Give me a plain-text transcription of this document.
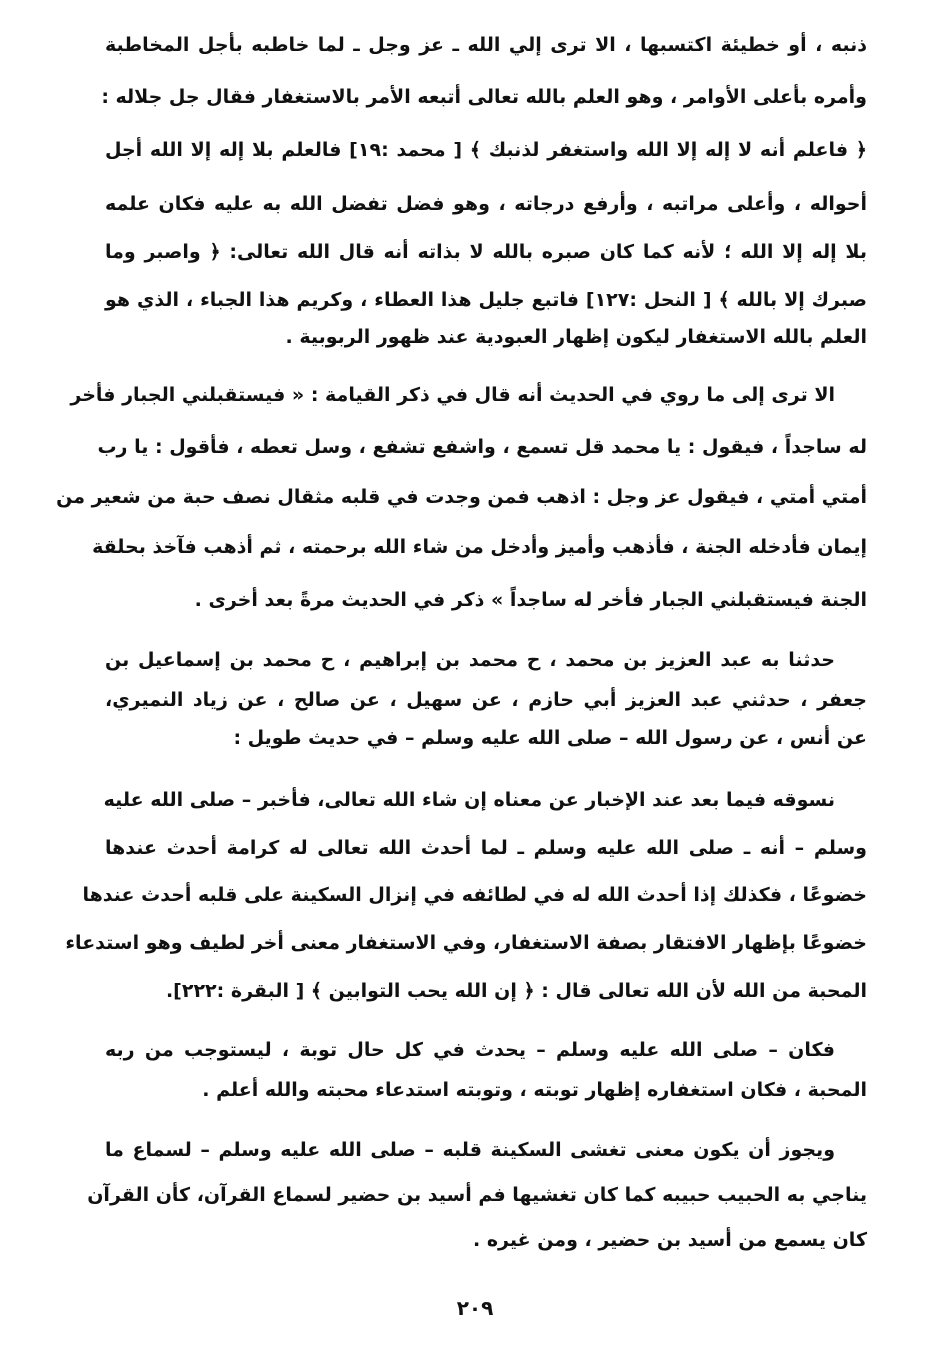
ذنبه ، أو خطيئة اكتسبها ، الا ترى إلي الله ـ عز وجل ـ لما خاطبه بأجل المخاطبة
وأمره بأعلى الأوامر ، وهو العلم بالله تعالى أتبعه الأمر بالاستغفار فقال جل جلاله :
﴿ فاعلم أنه لا إله إلا الله واستغفر لذنبك ﴾ [ محمد :١٩] فالعلم بلا إله إلا الله أجل
أحواله ، وأعلى مراتبه ، وأرفع درجاته ، وهو فضل تفضل الله به عليه فكان علمه
بلا إله إلا الله ؛ لأنه كما كان صبره بالله لا بذاته أنه قال الله تعالى: ﴿ واصبر وما
صبرك إلا بالله ﴾ [ النحل :١٢٧] فاتبع جليل هذا العطاء ، وكريم هذا الجباء ، الذي هو
العلم بالله الاستغفار ليكون إظهار العبودية عند ظهور الربوبية .
الا ترى إلى ما روي في الحديث أنه قال في ذكر القيامة : « فيستقبلني الجبار فأخر
له ساجداً ، فيقول : يا محمد قل تسمع ، واشفع تشفع ، وسل تعطه ، فأقول : يا رب
أمتي أمتي ، فيقول عز وجل : اذهب فمن وجدت في قلبه مثقال نصف حبة من شعير من
إيمان فأدخله الجنة ، فأذهب وأميز وأدخل من شاء الله برحمته ، ثم أذهب فآخذ بحلقة
الجنة فيستقبلني الجبار فأخر له ساجداً » ذكر في الحديث مرةً بعد أخرى .
حدثنا به عبد العزيز بن محمد ، ح محمد بن إبراهيم ، ح محمد بن إسماعيل بن
جعفر ، حدثني عبد العزيز أبي حازم ، عن سهيل ، عن صالح ، عن زياد النميري،
عن أنس ، عن رسول الله – صلى الله عليه وسلم – في حديث طويل :
نسوقه فيما بعد عند الإخبار عن معناه إن شاء الله تعالى، فأخبر – صلى الله عليه
وسلم – أنه ـ صلى الله عليه وسلم ـ لما أحدث الله تعالى له كرامة أحدث عندها
خضوعًا ، فكذلك إذا أحدث الله له في لطائفه في إنزال السكينة على قلبه أحدث عندها
خضوعًا بإظهار الافتقار بصفة الاستغفار، وفي الاستغفار معنى أخر لطيف وهو استدعاء
المحبة من الله لأن الله تعالى قال : ﴿ إن الله يحب التوابين ﴾ [ البقرة :٢٢٢].
فكان – صلى الله عليه وسلم – يحدث في كل حال توبة ، ليستوجب من ربه
المحبة ، فكان استغفاره إظهار توبته ، وتوبته استدعاء محبته والله أعلم .
ويجوز أن يكون معنى تغشى السكينة قلبه – صلى الله عليه وسلم – لسماع ما
يناجي به الحبيب حبيبه كما كان تغشيها فم أسيد بن حضير لسماع القرآن، كأن القرآن
كان يسمع من أسيد بن حضير ، ومن غيره .
٢٠٩
